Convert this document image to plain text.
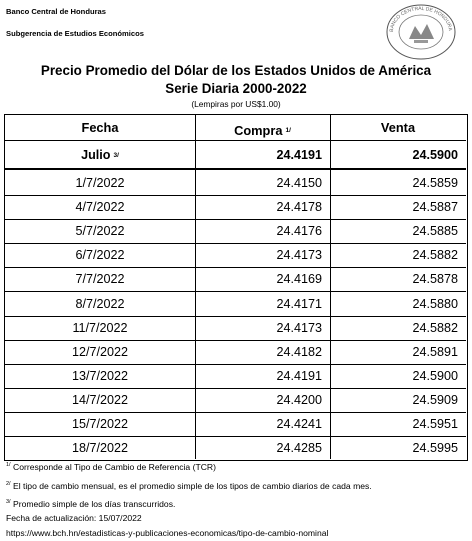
Banco Central de Honduras
Subgerencia de Estudios Económicos	BANCO CENTRAL DE HONDURA
Precio Promedio del Dólar de los Estados Unidos de América
Serie Diaria 2000-2022
(Lempiras por US$1.00)
Fecha	Compra 1/	Venta
Julio 3/	24.4191	24.5900
1/7/2022	24.4150	24.5859
4/7/2022	24.4178	24.5887
5/7/2022	24.4176	24.5885
6/7/2022	24.4173	24.5882
7/7/2022	24.4169	24.5878
8/7/2022	24.4171	24.5880
11/7/2022	24.4173	24.5882
12/7/2022	24.4182	24.5891
13/7/2022	24.4191	24.5900
14/7/2022	24.4200	24.5909
15/7/2022	24.4241	24.5951
18/7/2022	24.4285	24.5995
$^{1/}$ Corresponde al Tipo de Cambio de Referencia (TCR)
$^{2/}$ El tipo de cambio mensual, es el promedio simple de los tipos de cambio diarios de cada mes.
$^{3/}$ Promedio simple de los días transcurridos.
Fecha de actualización: 15/07/2022
https://www.bch.hn/estadisticas-y-publicaciones-economicas/tipo-de-cambio-nominal
